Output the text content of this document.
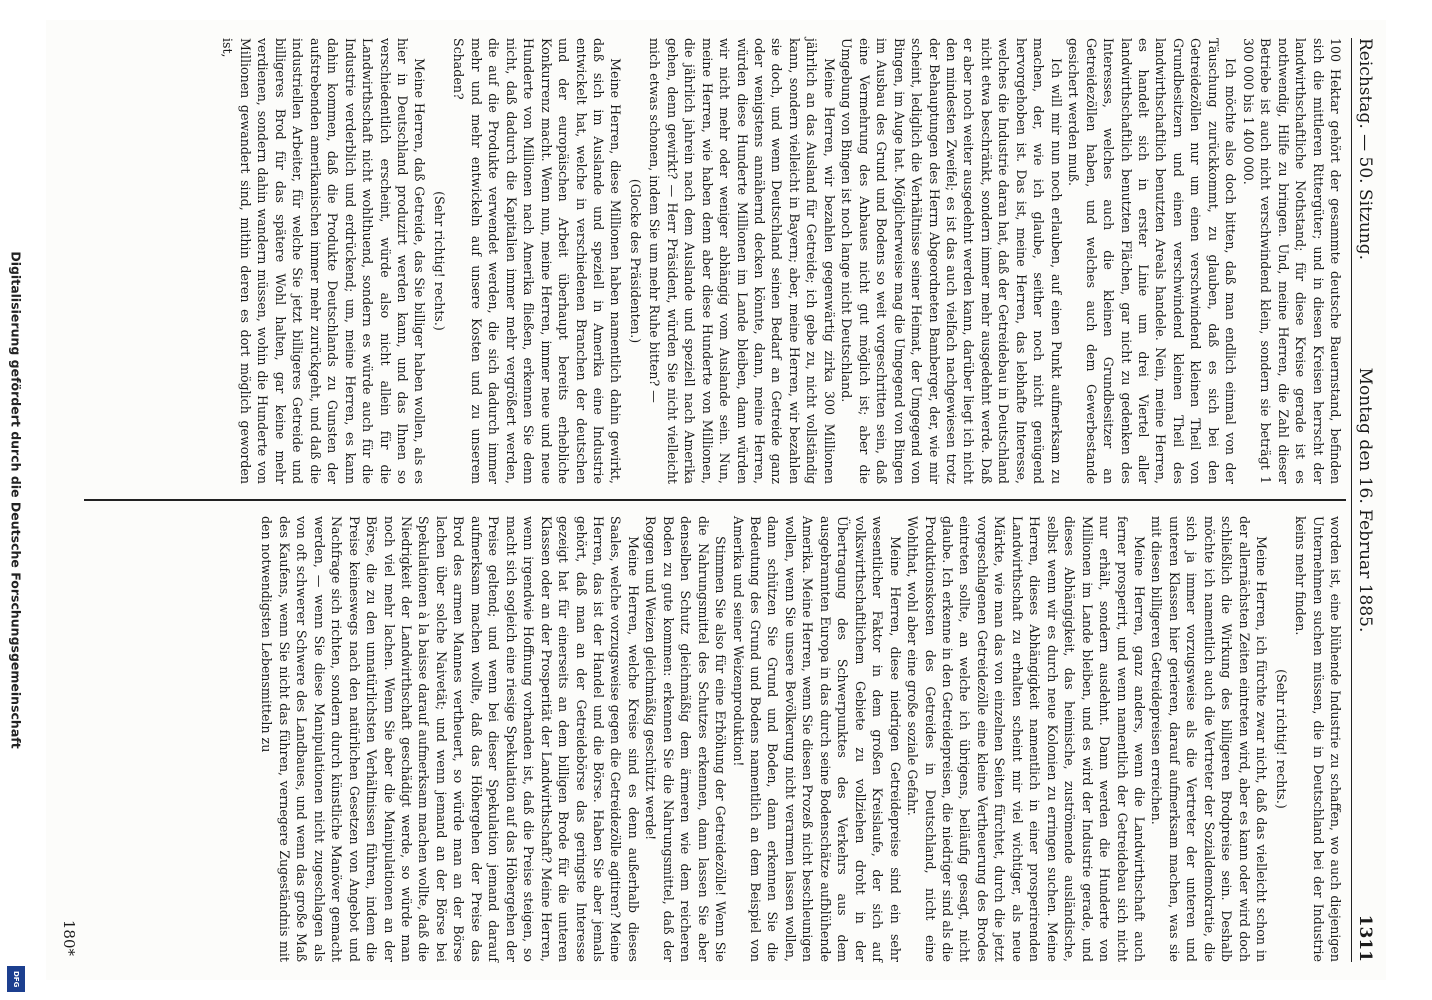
Reichstag. — 50. Sitzung.
Montag den 16. Februar 1885.
1311

100 Hektar gehört der gesammte deutsche Bauernstand, befinden sich die mittleren Rittergüter; und in diesen Kreisen herrscht der landwirthschaftliche Nothstand; für diese Kreise gerade ist es nothwendig, Hilfe zu bringen. Und, meine Herren, die Zahl dieser Betriebe ist auch nicht verschwindend klein, sondern sie beträgt 1 300 000 bis 1 400 000.

Ich möchte also doch bitten, daß man endlich einmal von der Täuschung zurückkommt, zu glauben, daß es sich bei den Getreidezöllen nur um einen verschwindend kleinen Theil von Grundbesitzern und einen verschwindend kleinen Theil des landwirthschaftlich benutzten Areals handele. Nein, meine Herren, es handelt sich in erster Linie um drei Viertel aller landwirthschaftlich benutzten Flächen, gar nicht zu gedenken des Interesses, welches auch die kleinen Grundbesitzer an Getreidezöllen haben, und welches auch dem Gewerbestande gesichert werden muß.

Ich will mir nun noch erlauben, auf einen Punkt aufmerksam zu machen, der, wie ich glaube, seither noch nicht genügend hervorgehoben ist. Das ist, meine Herren, das lebhafte Interesse, welches die Industrie daran hat, daß der Getreidebau in Deutschland nicht etwa beschränkt, sondern immer mehr ausgedehnt werde. Daß er aber noch weiter ausgedehnt werden kann, darüber liegt ich nicht den mindesten Zweifel; es ist das auch vielfach nachgewiesen trotz der Behauptungen des Herrn Abgeordneten Bamberger, der, wie mir scheint, lediglich die Verhältnisse seiner Heimat, der Umgegend von Bingen, im Auge hat. Möglicherweise mag die Umgegend von Bingen im Ausbau des Grund und Bodens so weit vorgeschritten sein, daß eine Vermehrung des Anbaues nicht gut möglich ist; aber die Umgebung von Bingen ist noch lange nicht Deutschland.

Meine Herren, wir bezahlen gegenwärtig zirka 300 Millionen jährlich an das Ausland für Getreide; ich gebe zu, nicht vollständig kann, sondern vielleicht in Bayern; aber, meine Herren, wir bezahlen sie doch, und wenn Deutschland seinen Bedarf an Getreide ganz oder wenigstens annähernd decken könnte, dann, meine Herren, würden diese Hunderte Millionen im Lande bleiben, dann würden wir nicht mehr oder weniger abhängig vom Auslande sein. Nun, meine Herren, wie haben denn aber diese Hunderte von Millionen, die jährlich jahrein nach dem Auslande und speziell nach Amerika gehen, denn gewirkt? — Herr Präsident, würden Sie nicht vielleicht mich etwas schonen, indem Sie um mehr Ruhe bitten? —

(Glocke des Präsidenten.)

Meine Herren, diese Millionen haben namentlich dahin gewirkt, daß sich im Auslande und speziell in Amerika eine Industrie entwickelt hat, welche in verschiedenen Branchen der deutschen und der europäischen Arbeit überhaupt bereits erhebliche Konkurrenz macht. Wenn nun, meine Herren, immer neue und neue Hunderte von Millionen nach Amerika fließen, erkennen Sie denn nicht, daß dadurch die Kapitalien immer mehr vergrößert werden, die auf die Produkte verwendet werden, die sich dadurch immer mehr und mehr entwickeln auf unsere Kosten und zu unserem Schaden?

(Sehr richtig! rechts.)

Meine Herren, daß Getreide, das Sie billiger haben wollen, als es hier in Deutschland produzirt werden kann, und das Ihnen so verschiedentlich erscheint, würde also nicht allein für die Landwirthschaft nicht wohlthuend, sondern es würde auch für die Industrie verderblich und erdrückend; um, meine Herren, es kann dahin kommen, daß die Produkte Deutschlands zu Gunsten der aufstrebenden amerikanischen immer mehr zurückgeht, und daß die industriellen Arbeiter, für welche Sie jetzt billigeres Getreide und billigeres Brod für das spätere Wohl halten, gar keine mehr verdienen, sondern dahin wandern müssen, wohin die Hunderte von Millionen gewandert sind, mithin deren es dort möglich geworden ist,

worden ist, eine blühende Industrie zu schaffen, wo auch diejenigen Unternehmen suchen müssen, die in Deutschland bei der Industrie keins mehr finden.

(Sehr richtig! rechts.)

Meine Herren, ich fürchte zwar nicht, daß das vielleicht schon in der allernächsten Zeiten eintreten wird, aber es kann oder wird doch schließlich die Wirkung des billigeren Brodpreise sein. Deshalb möchte ich namentlich auch die Vertreter der Sozialdemokratie, die sich ja immer vorzugsweise als die Vertreter der unteren und unteren Klassen hier gerieren, darauf aufmerksam machen, was sie mit diesen billigeren Getreidepreisen erreichen.

Meine Herren, ganz anders, wenn die Landwirthschaft auch ferner prosperirt, und wenn namentlich der Getreidebau sich nicht nur erhält, sondern ausdehnt. Dann werden die Hunderte von Millionen im Lande bleiben, und es wird der Industrie gerade, und dieses Abhängigkeit, das heimische, zuströmende ausländische, selbst wenn wir es durch neue Kolonien zu erringen suchen. Meine Herren, dieses Abhängigkeit namentlich in einer prosperirenden Landwirthschaft zu erhalten scheint mir viel wichtiger, als neue Märkte, wie man das von einzelnen Seiten fürchtet, durch die jetzt vorgeschlagenen Getreidezölle eine kleine Vertheuerung des Brodes eintreten sollte, an welche ich übrigens, beiläufig gesagt, nicht glaube. Ich erkenne in den Getreidepreisen, die niedriger sind als die Produktionskosten des Getreides in Deutschland, nicht eine Wohlthat, wohl aber eine große soziale Gefahr.

Meine Herren, diese niedrigen Getreidepreise sind ein sehr wesentlicher Faktor in dem großen Kreislaufe, der sich auf volkswirthschaftlichem Gebiete zu vollziehen droht in der Übertragung des Schwerpunktes des Verkehrs aus dem ausgebrannten Europa in das durch seine Bodenschätze aufblühende Amerika. Meine Herren, wenn Sie diesen Prozeß nicht beschleunigen wollen, wenn Sie unsere Bevölkerung nicht verarmen lassen wollen, dann schützen Sie Grund und Boden, dann erkennen Sie die Bedeutung des Grund und Bodens namentlich an dem Beispiel von Amerika und seiner Weizenproduktion!

Stimmen Sie also für eine Erhöhung der Getreidezölle! Wenn Sie die Nahrungsmittel des Schutzes erkennen, dann lassen Sie aber denselben Schutz gleichmäßig dem ärmeren wie dem reicheren Boden zu gute kommen: erkennen Sie die Nahrungsmittel, daß der Roggen und Weizen gleichmäßig geschützt werde!

Meine Herren, welche Kreise sind es denn außerhalb dieses Saales, welche vorzugsweise gegen die Getreidezölle agitiren? Meine Herren, das ist der Handel und die Börse. Haben Sie aber jemals gehört, daß man an der Getreidebörse das geringste Interesse gezeigt hat für einerseits an dem billigen Brode für die unteren Klassen oder an der Prosperität der Landwirthschaft? Meine Herren, wenn irgendwie Hoffnung vorhanden ist, daß die Preise steigen, so macht sich sogleich eine riesige Spekulation auf das Höhergehen der Preise geltend; und wenn bei dieser Spekulation jemand darauf aufmerksam machen wollte, daß das Höhergehen der Preise das Brod des armen Mannes vertheuert, so würde man an der Börse lachen über solche Naivetät; und wenn jemand an der Börse bei Spekulationen à la baisse darauf aufmerksam machen wollte, daß die Niedrigkeit der Landwirthschaft geschädigt werde, so würde man noch viel mehr lachen. Wenn Sie aber die Manipulationen an der Börse, die zu den unnatürlichsten Verhältnissen führen, indem die Preise keineswegs nach den natürlichen Gesetzen von Angebot und Nachfrage sich richten, sondern durch künstliche Manöver gemacht werden, — wenn Sie diese Manipulationen nicht zugeschlagen als von oft schwerer Schwere des Landbaues, und wenn das große Maß des Kaufens, wenn Sie nicht das führen, vernegere Zugeständnis mit den notwendigsten Lebensmitteln zu

180*
Digitalisierung gefördert durch die Deutsche Forschungsgemeinschaft
DFG
